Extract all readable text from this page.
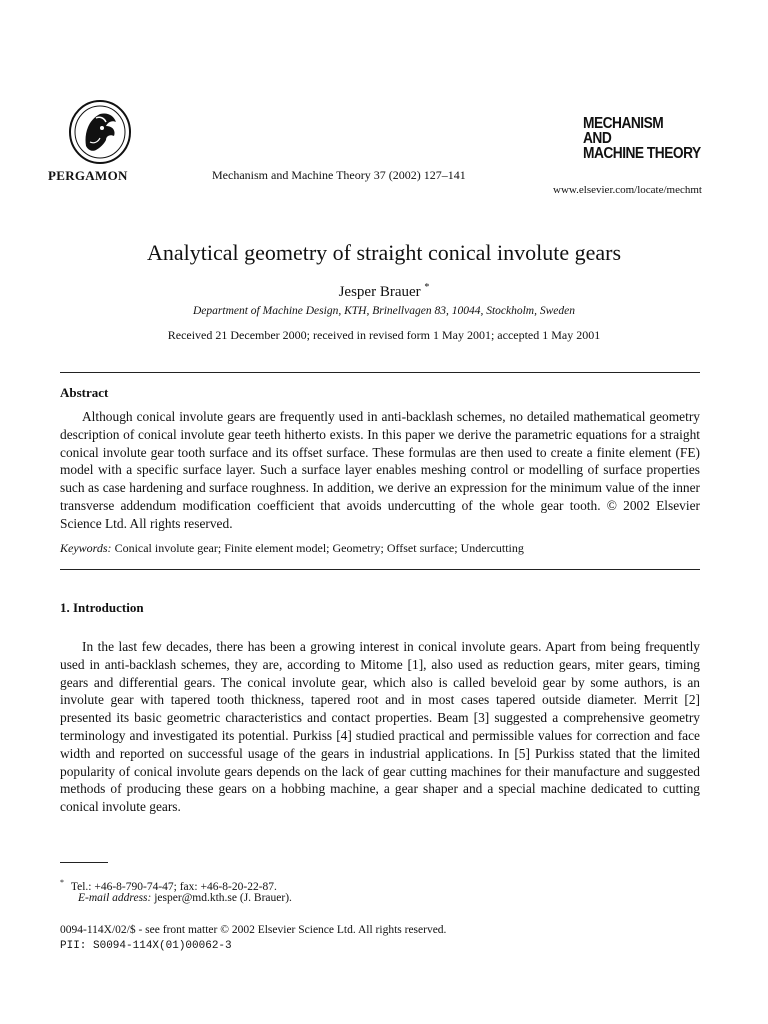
PERGAMON	Mechanism and Machine Theory 37 (2002) 127–141
MECHANISM
AND
MACHINE THEORY
www.elsevier.com/locate/mechmt
Analytical geometry of straight conical involute gears
Jesper Brauer *
Department of Machine Design, KTH, Brinellvagen 83, 10044, Stockholm, Sweden
Received 21 December 2000; received in revised form 1 May 2001; accepted 1 May 2001
Abstract
Although conical involute gears are frequently used in anti-backlash schemes, no detailed mathematical geometry description of conical involute gear teeth hitherto exists. In this paper we derive the parametric equations for a straight conical involute gear tooth surface and its offset surface. These formulas are then used to create a finite element (FE) model with a specific surface layer. Such a surface layer enables meshing control or modelling of surface properties such as case hardening and surface roughness. In addition, we derive an expression for the minimum value of the inner transverse addendum modification coefficient that avoids undercutting of the whole gear tooth. © 2002 Elsevier Science Ltd. All rights reserved.
Keywords: Conical involute gear; Finite element model; Geometry; Offset surface; Undercutting
1. Introduction
In the last few decades, there has been a growing interest in conical involute gears. Apart from being frequently used in anti-backlash schemes, they are, according to Mitome [1], also used as reduction gears, miter gears, timing gears and differential gears. The conical involute gear, which also is called beveloid gear by some authors, is an involute gear with tapered tooth thickness, tapered root and in most cases tapered outside diameter. Merrit [2] presented its basic geometric characteristics and contact properties. Beam [3] suggested a comprehensive geometry terminology and investigated its potential. Purkiss [4] studied practical and permissible values for correction and face width and reported on successful usage of the gears in industrial applications. In [5] Purkiss stated that the limited popularity of conical involute gears depends on the lack of gear cutting machines for their manufacture and suggested methods of producing these gears on a hobbing machine, a gear shaper and a special machine dedicated to cutting conical involute gears.
* Tel.: +46-8-790-74-47; fax: +46-8-20-22-87.
E-mail address: jesper@md.kth.se (J. Brauer).
0094-114X/02/$ - see front matter © 2002 Elsevier Science Ltd. All rights reserved.
PII: S0094-114X(01)00062-3
